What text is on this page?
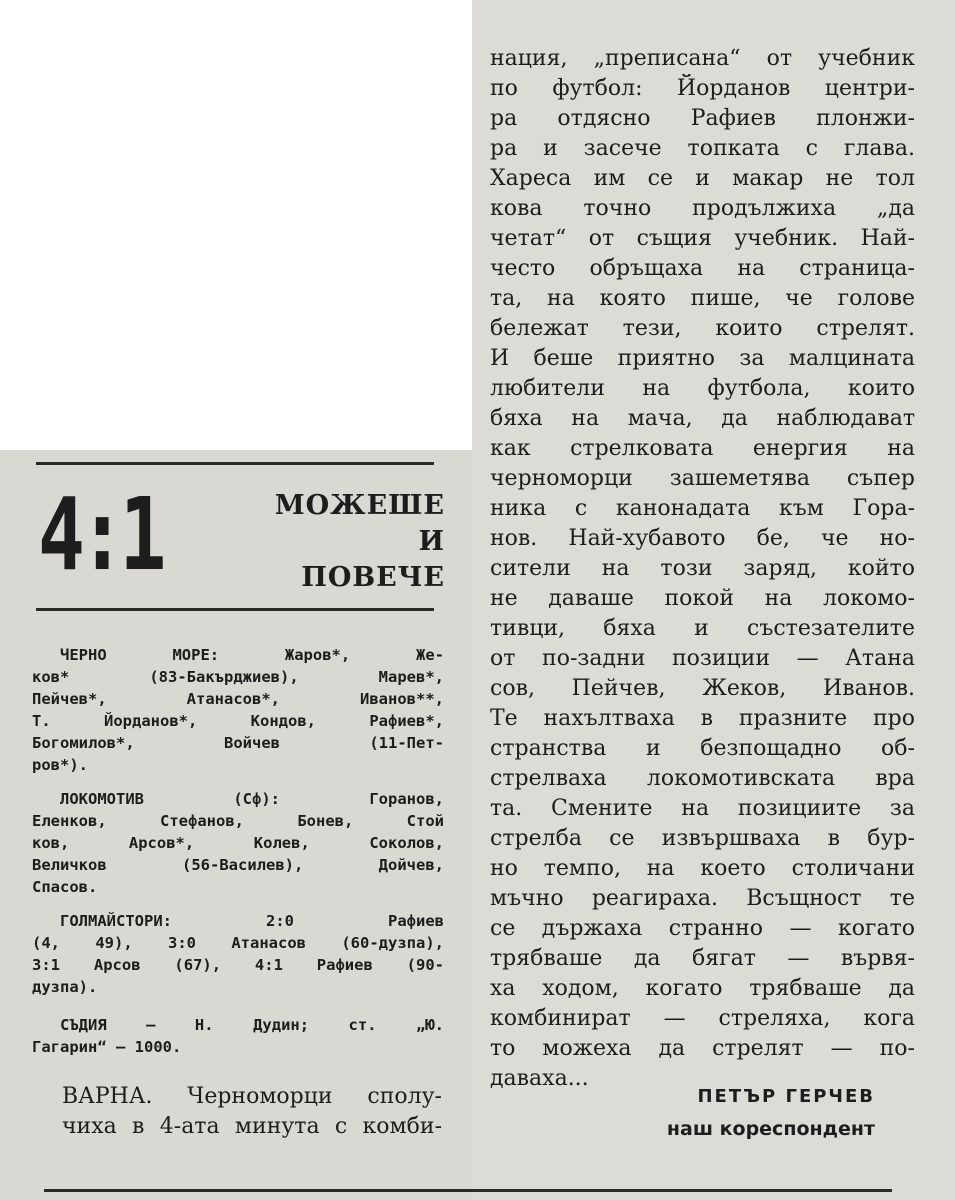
4:1	МОЖЕШЕ
И
ПОВЕЧЕ
ЧЕРНО МОРЕ: Жаров*, Же-
ков* (83-Бакърджиев), Марев*,
Пейчев*, Атанасов*, Иванов**,
Т. Йорданов*, Кондов, Рафиев*,
Богомилов*, Войчев (11-Пет-
ров*).
ЛОКОМОТИВ (Сф): Горанов,
Еленков, Стефанов, Бонев, Стой
ков, Арсов*, Колев, Соколов,
Величков (56-Василев), Дойчев,
Спасов.
ГОЛМАЙСТОРИ: 2:0 Рафиев
(4, 49), 3:0 Атанасов (60-дузпа),
3:1 Арсов (67), 4:1 Рафиев (90-
дузпа).
СЪДИЯ — Н. Дудин; ст. „Ю.
Гагарин“ — 1000.
ВАРНА. Черноморци сполу-
чиха в 4-ата минута с комби-
нация, „преписана“ от учебник
по футбол: Йорданов центри-
ра отдясно Рафиев плонжи-
ра и засече топката с глава.
Хареса им се и макар не тол
кова точно продължиха „да
четат“ от същия учебник. Най-
често обръщаха на страница-
та, на която пише, че голове
бележат тези, които стрелят.
И беше приятно за малцината
любители на футбола, които
бяха на мача, да наблюдават
как стрелковата енергия на
черноморци зашеметява съпер
ника с канонадата към Гора-
нов. Най-хубавото бе, че но-
сители на този заряд, който
не даваше покой на локомо-
тивци, бяха и състезателите
от по-задни позиции — Атана
сов, Пейчев, Жеков, Иванов.
Те нахълтваха в празните про
странства и безпощадно об-
стрелваха локомотивската вра
та. Смените на позициите за
стрелба се извършваха в бур-
но темпо, на което столичани
мъчно реагираха. Всъщност те
се държаха странно — когато
трябваше да бягат — вървя-
ха ходом, когато трябваше да
комбинират — стреляха, кога
то можеха да стрелят — по-
даваха...
ПЕТЪР ГЕРЧЕВ
наш кореспондент
